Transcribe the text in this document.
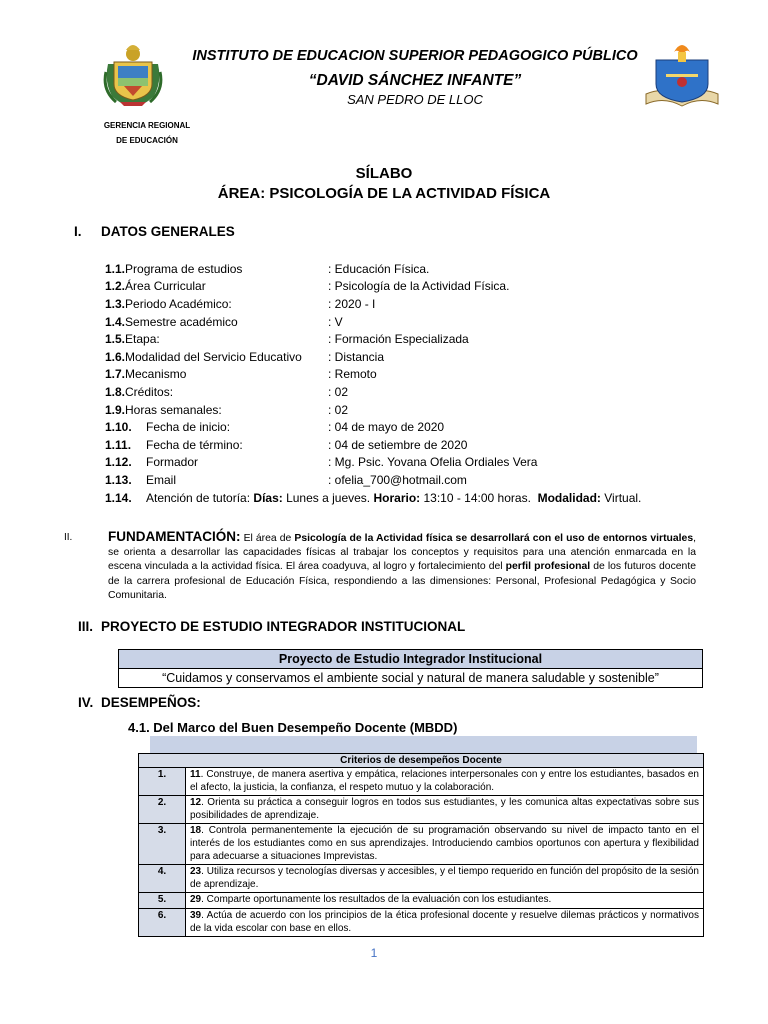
INSTITUTO DE EDUCACION SUPERIOR PEDAGOGICO PÚBLICO
“DAVID SÁNCHEZ INFANTE”
SAN PEDRO DE LLOC
GERENCIA REGIONAL
DE EDUCACIÓN
SÍLABO
ÁREA: PSICOLOGÍA DE LA ACTIVIDAD FÍSICA
I. DATOS GENERALES
1.1. Programa de estudios	: Educación Física.
1.2. Área Curricular	: Psicología de la Actividad Física.
1.3. Periodo Académico:	: 2020 - I
1.4. Semestre académico	: V
1.5. Etapa:	: Formación Especializada
1.6. Modalidad del Servicio Educativo : Distancia
1.7. Mecanismo	: Remoto
1.8. Créditos:	: 02
1.9. Horas semanales:	: 02
1.10.	Fecha de inicio:	: 04 de mayo de 2020
1.11.	Fecha de término:	: 04 de setiembre de 2020
1.12.	Formador	: Mg. Psic. Yovana Ofelia Ordiales Vera
1.13.	Email	: ofelia_700@hotmail.com
1.14.	Atención de tutoría: Días: Lunes a jueves. Horario: 13:10 - 14:00 horas. Modalidad: Virtual.
II.	FUNDAMENTACIÓN: El área de Psicología de la Actividad física se desarrollará con el uso de entornos virtuales, se orienta a desarrollar las capacidades físicas al trabajar los conceptos y requisitos para una atención enmarcada en la escena vinculada a la actividad física. El área coadyuva, al logro y fortalecimiento del perfil profesional de los futuros docente de la carrera profesional de Educación Física, respondiendo a las dimensiones: Personal, Profesional Pedagógica y Socio Comunitaria.
III. PROYECTO DE ESTUDIO INTEGRADOR INSTITUCIONAL
Proyecto de Estudio Integrador Institucional
“Cuidamos y conservamos el ambiente social y natural de manera saludable y sostenible”
IV. DESEMPEÑOS:
4.1. Del Marco del Buen Desempeño Docente (MBDD)
Criterios de desempeños Docente	
1.	11. Construye, de manera asertiva y empática, relaciones interpersonales con y entre los estudiantes, basados en el afecto, la justicia, la confianza, el respeto mutuo y la colaboración.
2.	12. Orienta su práctica a conseguir logros en todos sus estudiantes, y les comunica altas expectativas sobre sus posibilidades de aprendizaje.
3.	18. Controla permanentemente la ejecución de su programación observando su nivel de impacto tanto en el interés de los estudiantes como en sus aprendizajes. Introduciendo cambios oportunos con apertura y flexibilidad para adecuarse a situaciones Imprevistas.
4.	23. Utiliza recursos y tecnologías diversas y accesibles, y el tiempo requerido en función del propósito de la sesión de aprendizaje.
5.	29. Comparte oportunamente los resultados de la evaluación con los estudiantes.
6.	39. Actúa de acuerdo con los principios de la ética profesional docente y resuelve dilemas prácticos y normativos de la vida escolar con base en ellos.
1
